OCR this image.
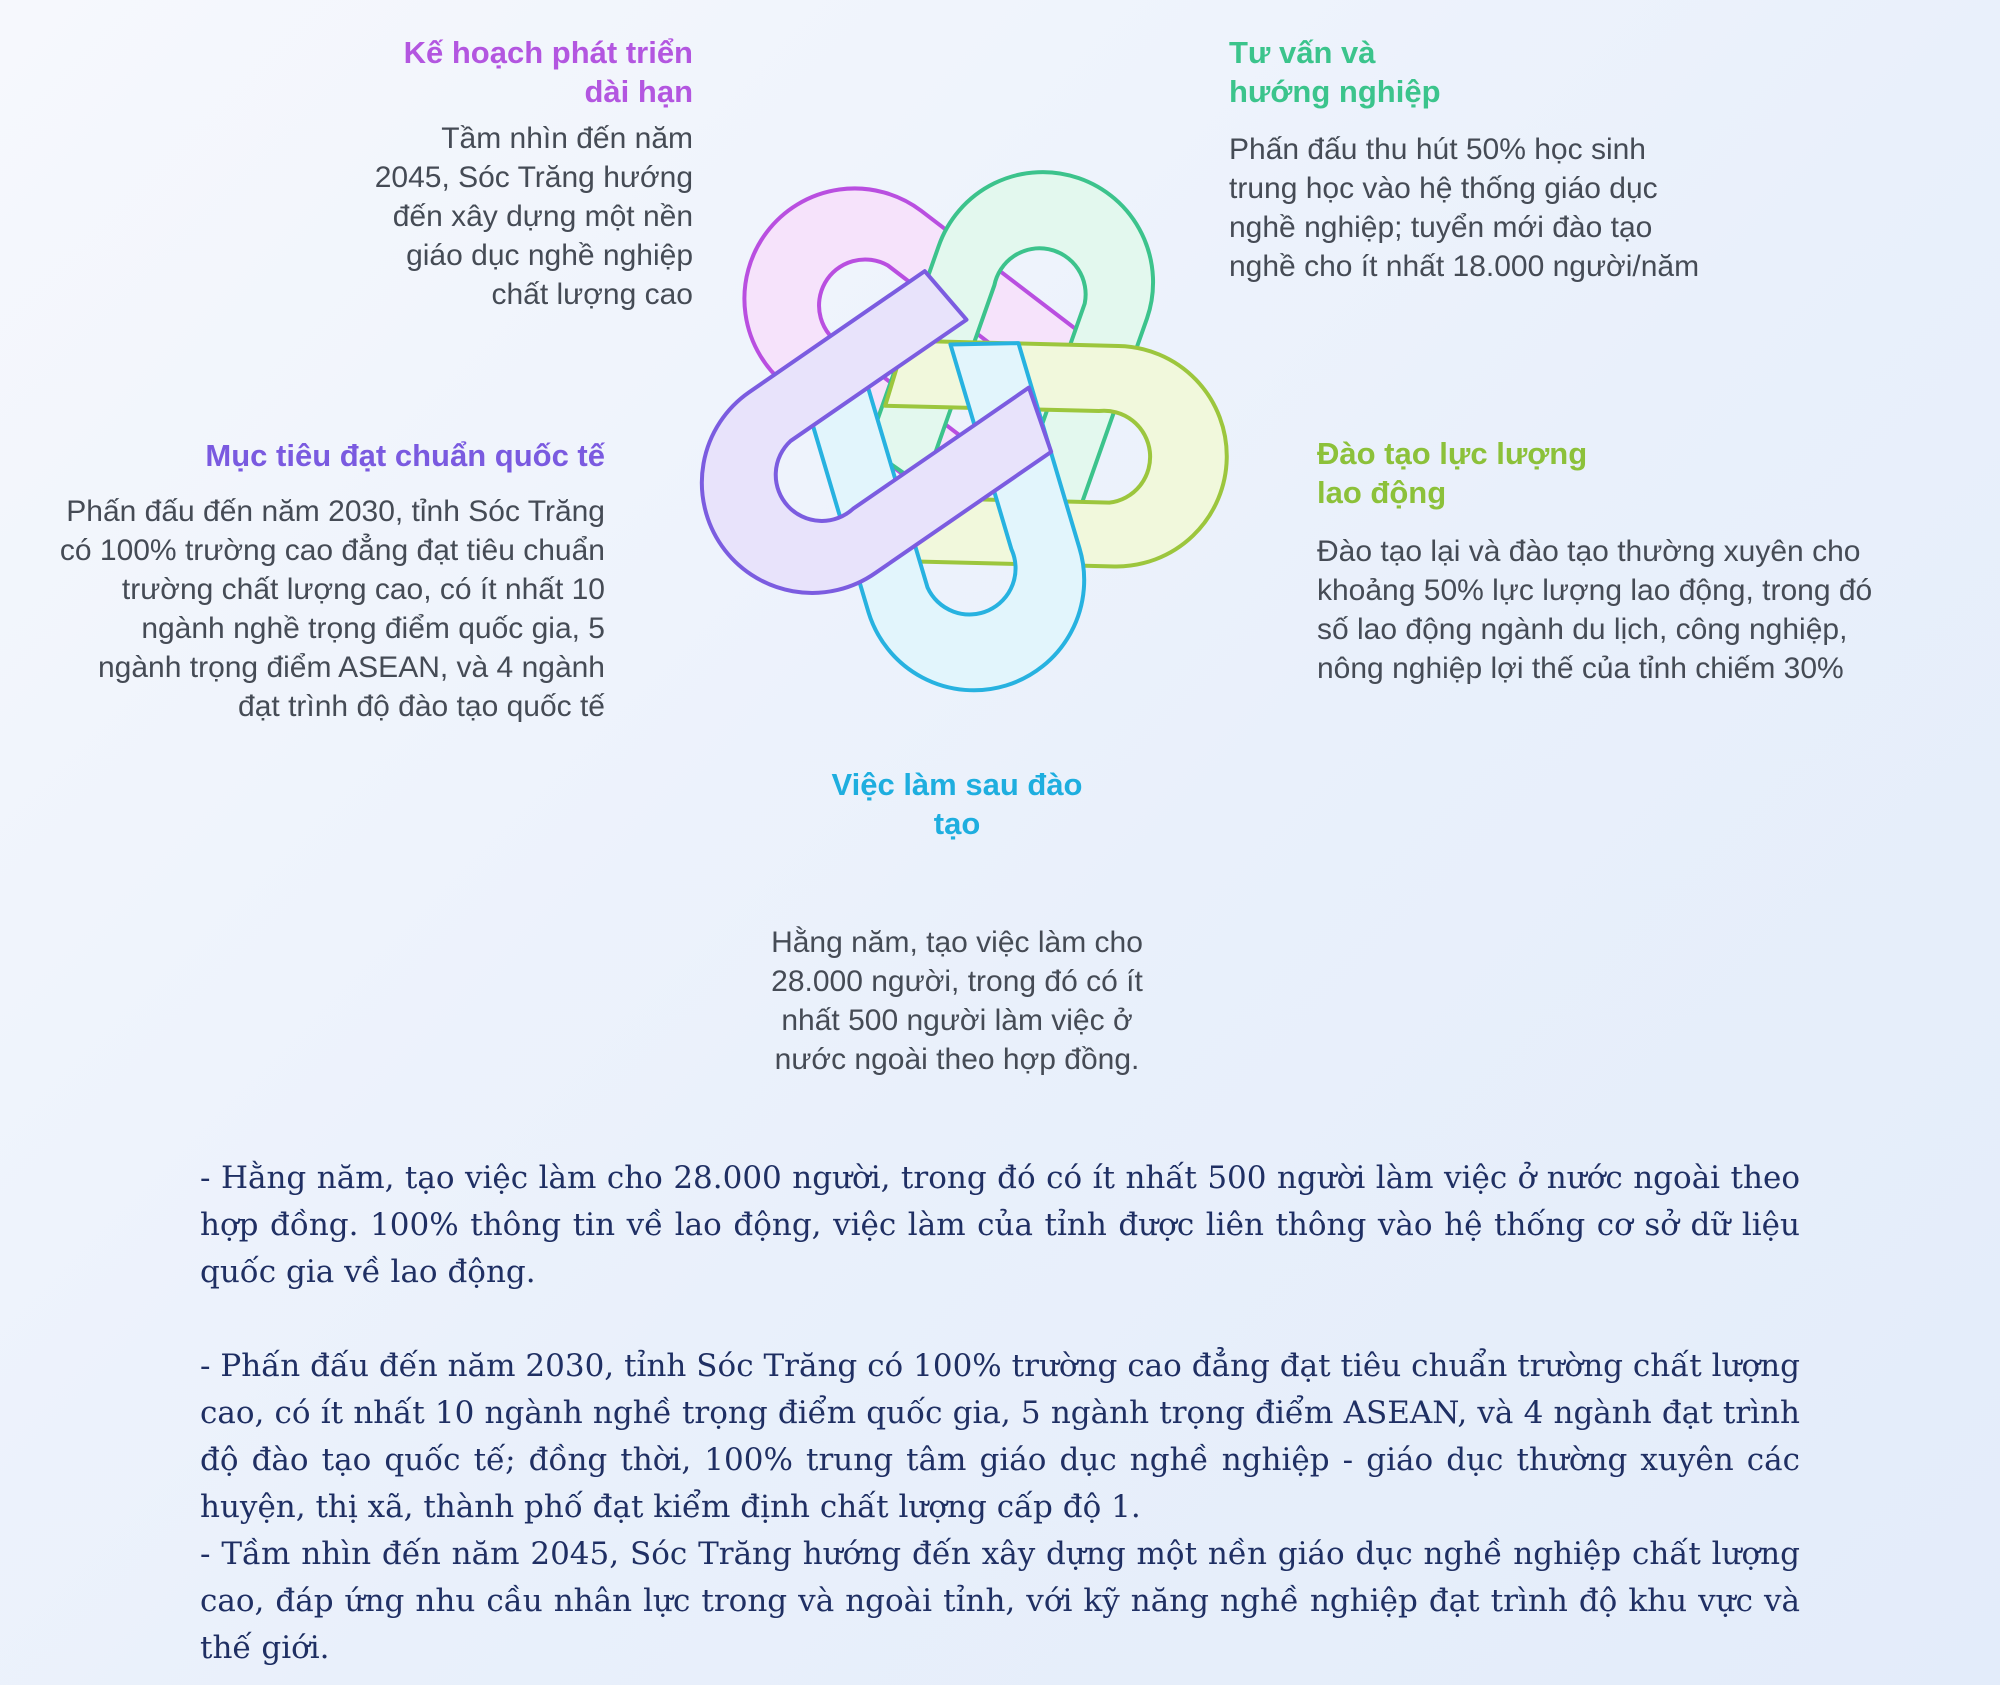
Kế hoạch phát triển
dài hạn

Tầm nhìn đến năm
2045, Sóc Trăng hướng
đến xây dựng một nền
giáo dục nghề nghiệp
chất lượng cao

Tư vấn và
hướng nghiệp

Phấn đấu thu hút 50% học sinh
trung học vào hệ thống giáo dục
nghề nghiệp; tuyển mới đào tạo
nghề cho ít nhất 18.000 người/năm

Đào tạo lực lượng
lao động

Đào tạo lại và đào tạo thường xuyên cho
khoảng 50% lực lượng lao động, trong đó
số lao động ngành du lịch, công nghiệp,
nông nghiệp lợi thế của tỉnh chiếm 30%

Việc làm sau đào
tạo

Hằng năm, tạo việc làm cho
28.000 người, trong đó có ít
nhất 500 người làm việc ở
nước ngoài theo hợp đồng.

Mục tiêu đạt chuẩn quốc tế

Phấn đấu đến năm 2030, tỉnh Sóc Trăng
có 100% trường cao đẳng đạt tiêu chuẩn
trường chất lượng cao, có ít nhất 10
ngành nghề trọng điểm quốc gia, 5
ngành trọng điểm ASEAN, và 4 ngành
đạt trình độ đào tạo quốc tế

- Hằng năm, tạo việc làm cho 28.000 người, trong đó có ít nhất 500 người làm việc ở nước ngoài theo hợp đồng. 100% thông tin về lao động, việc làm của tỉnh được liên thông vào hệ thống cơ sở dữ liệu quốc gia về lao động.

- Phấn đấu đến năm 2030, tỉnh Sóc Trăng có 100% trường cao đẳng đạt tiêu chuẩn trường chất lượng cao, có ít nhất 10 ngành nghề trọng điểm quốc gia, 5 ngành trọng điểm ASEAN, và 4 ngành đạt trình độ đào tạo quốc tế; đồng thời, 100% trung tâm giáo dục nghề nghiệp - giáo dục thường xuyên các huyện, thị xã, thành phố đạt kiểm định chất lượng cấp độ 1.

- Tầm nhìn đến năm 2045, Sóc Trăng hướng đến xây dựng một nền giáo dục nghề nghiệp chất lượng cao, đáp ứng nhu cầu nhân lực trong và ngoài tỉnh, với kỹ năng nghề nghiệp đạt trình độ khu vực và thế giới.
